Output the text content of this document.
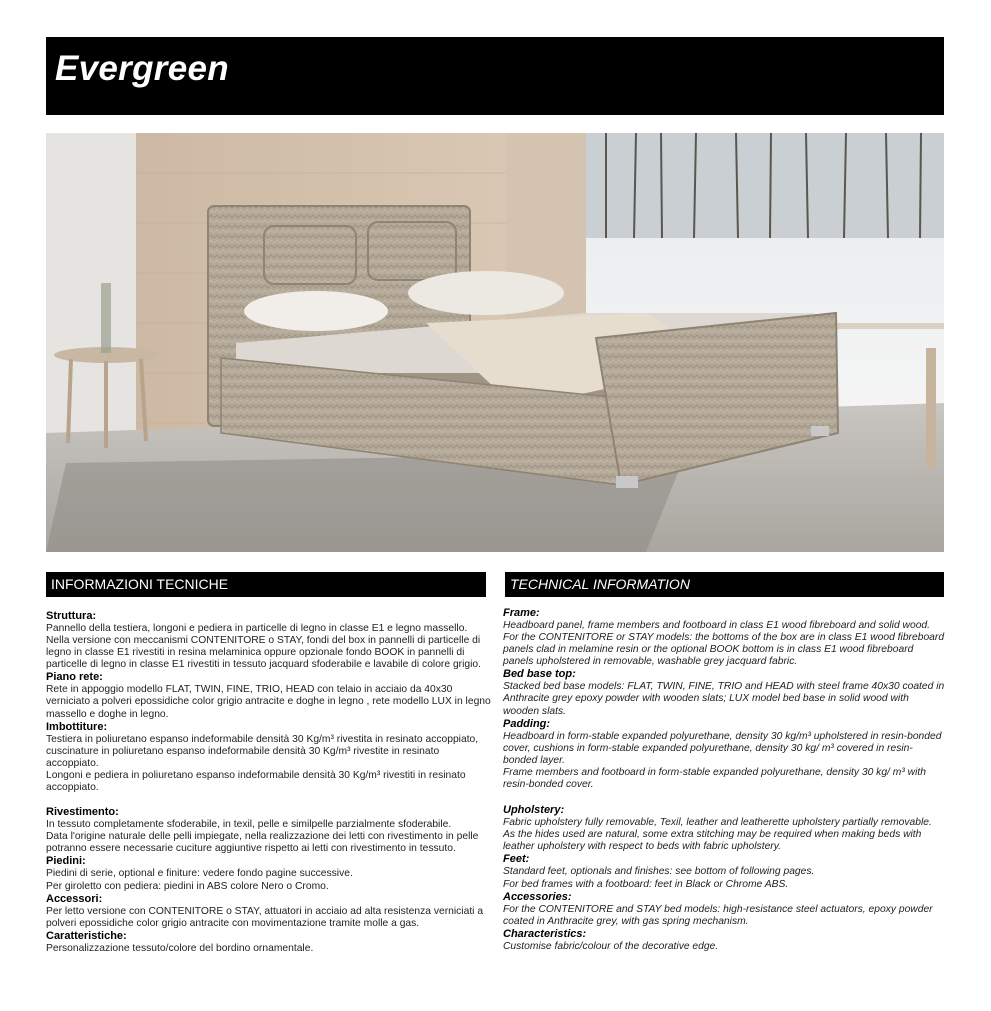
Evergreen
INFORMAZIONI TECNICHE	TECHNICAL INFORMATION
Struttura:

Pannello della testiera, longoni e pediera in particelle di legno in classe E1 e legno massello.

Nella versione con meccanismi CONTENITORE o STAY, fondi del box in pannelli di particelle di legno in classe E1 rivestiti in resina melaminica oppure opzionale fondo BOOK in pannelli di particelle di legno in classe E1 rivestiti in tessuto jacquard sfoderabile e lavabile di colore grigio.

Piano rete:

Rete in appoggio modello FLAT, TWIN, FINE, TRIO, HEAD con telaio in acciaio da 40x30 verniciato a polveri epossidiche color grigio antracite e doghe in legno , rete modello LUX in legno massello e doghe in legno.

Imbottiture:

Testiera in poliuretano espanso indeformabile densità 30 Kg/m³ rivestita in resinato accoppiato, cuscinature in poliuretano espanso indeformabile densità 30 Kg/m³ rivestite in resinato accoppiato.

Longoni e pediera in poliuretano espanso indeformabile densità 30 Kg/m³ rivestiti in resinato accoppiato.

Rivestimento:

In tessuto completamente sfoderabile, in texil, pelle e similpelle parzialmente sfoderabile.

Data l'origine naturale delle pelli impiegate, nella realizzazione dei letti con rivestimento in pelle potranno essere necessarie cuciture aggiuntive rispetto ai letti con rivestimento in tessuto.

Piedini:

Piedini di serie, optional e finiture: vedere fondo pagine successive.

Per giroletto con pediera: piedini in ABS colore Nero o Cromo.

Accessori:

Per letto versione con CONTENITORE o STAY, attuatori in acciaio ad alta resistenza verniciati a polveri epossidiche color grigio antracite con movimentazione tramite molle a gas.

Caratteristiche:

Personalizzazione tessuto/colore del bordino ornamentale.

Frame:

Headboard panel, frame members and footboard in class E1 wood fibreboard and solid wood.

For the CONTENITORE or STAY models: the bottoms of the box are in class E1 wood fibreboard panels clad in melamine resin or the optional BOOK bottom is in class E1 wood fibreboard panels upholstered in removable, washable grey jacquard fabric.

Bed base top:

Stacked bed base models: FLAT, TWIN, FINE, TRIO and HEAD with steel frame 40x30 coated in Anthracite grey epoxy powder with wooden slats; LUX model bed base in solid wood with wooden slats.

Padding:

Headboard in form-stable expanded polyurethane, density 30 kg/m³ upholstered in resin-bonded cover, cushions in form-stable expanded polyurethane, density 30 kg/ m³ covered in resin-bonded layer.

Frame members and footboard in form-stable expanded polyurethane, density 30 kg/ m³ with resin-bonded cover.

Upholstery:

Fabric upholstery fully removable, Texil, leather and leatherette upholstery partially removable. As the hides used are natural, some extra stitching may be required when making beds with leather upholstery with respect to beds with fabric upholstery.

Feet:

Standard feet, optionals and finishes: see bottom of following pages.

For bed frames with a footboard: feet in Black or Chrome ABS.

Accessories:

For the CONTENITORE and STAY bed models: high-resistance steel actuators, epoxy powder coated in Anthracite grey, with gas spring mechanism.

Characteristics:

Customise fabric/colour of the decorative edge.
